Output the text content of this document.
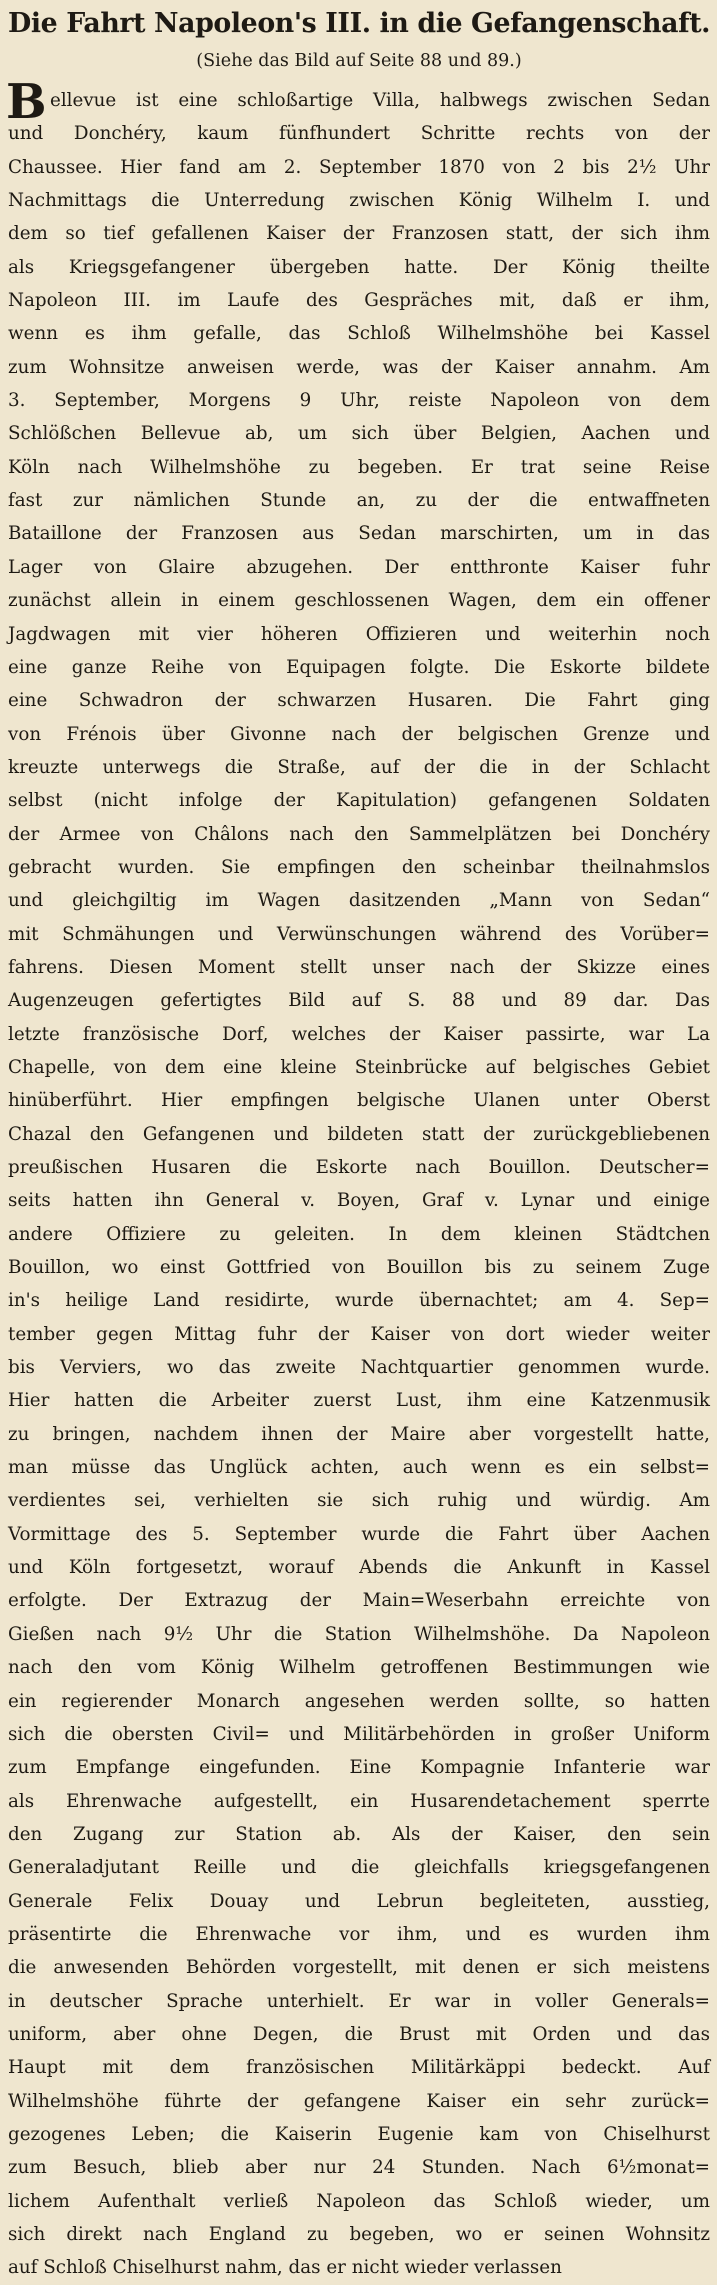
Die Fahrt Napoleon's III. in die Gefangenschaft.
(Siehe das Bild auf Seite 88 und 89.)
B ellevue ist eine schloßartige Villa, halbwegs zwischen Sedan
und Donchéry, kaum fünfhundert Schritte rechts von der
Chaussee. Hier fand am 2. September 1870 von 2 bis 2½ Uhr
Nachmittags die Unterredung zwischen König Wilhelm I. und
dem so tief gefallenen Kaiser der Franzosen statt, der sich ihm
als Kriegsgefangener übergeben hatte. Der König theilte
Napoleon III. im Laufe des Gespräches mit, daß er ihm,
wenn es ihm gefalle, das Schloß Wilhelmshöhe bei Kassel
zum Wohnsitze anweisen werde, was der Kaiser annahm. Am
3. September, Morgens 9 Uhr, reiste Napoleon von dem
Schlößchen Bellevue ab, um sich über Belgien, Aachen und
Köln nach Wilhelmshöhe zu begeben. Er trat seine Reise
fast zur nämlichen Stunde an, zu der die entwaffneten
Bataillone der Franzosen aus Sedan marschirten, um in das
Lager von Glaire abzugehen. Der entthronte Kaiser fuhr
zunächst allein in einem geschlossenen Wagen, dem ein offener
Jagdwagen mit vier höheren Offizieren und weiterhin noch
eine ganze Reihe von Equipagen folgte. Die Eskorte bildete
eine Schwadron der schwarzen Husaren. Die Fahrt ging
von Frénois über Givonne nach der belgischen Grenze und
kreuzte unterwegs die Straße, auf der die in der Schlacht
selbst (nicht infolge der Kapitulation) gefangenen Soldaten
der Armee von Châlons nach den Sammelplätzen bei Donchéry
gebracht wurden. Sie empfingen den scheinbar theilnahmslos
und gleichgiltig im Wagen dasitzenden „Mann von Sedan“
mit Schmähungen und Verwünschungen während des Vorüber=
fahrens. Diesen Moment stellt unser nach der Skizze eines
Augenzeugen gefertigtes Bild auf S. 88 und 89 dar. Das
letzte französische Dorf, welches der Kaiser passirte, war La
Chapelle, von dem eine kleine Steinbrücke auf belgisches Gebiet
hinüberführt. Hier empfingen belgische Ulanen unter Oberst
Chazal den Gefangenen und bildeten statt der zurückgebliebenen
preußischen Husaren die Eskorte nach Bouillon. Deutscher=
seits hatten ihn General v. Boyen, Graf v. Lynar und einige
andere Offiziere zu geleiten. In dem kleinen Städtchen
Bouillon, wo einst Gottfried von Bouillon bis zu seinem Zuge
in's heilige Land residirte, wurde übernachtet; am 4. Sep=
tember gegen Mittag fuhr der Kaiser von dort wieder weiter
bis Verviers, wo das zweite Nachtquartier genommen wurde.
Hier hatten die Arbeiter zuerst Lust, ihm eine Katzenmusik
zu bringen, nachdem ihnen der Maire aber vorgestellt hatte,
man müsse das Unglück achten, auch wenn es ein selbst=
verdientes sei, verhielten sie sich ruhig und würdig. Am
Vormittage des 5. September wurde die Fahrt über Aachen
und Köln fortgesetzt, worauf Abends die Ankunft in Kassel
erfolgte. Der Extrazug der Main=Weserbahn erreichte von
Gießen nach 9½ Uhr die Station Wilhelmshöhe. Da Napoleon
nach den vom König Wilhelm getroffenen Bestimmungen wie
ein regierender Monarch angesehen werden sollte, so hatten
sich die obersten Civil= und Militärbehörden in großer Uniform
zum Empfange eingefunden. Eine Kompagnie Infanterie war
als Ehrenwache aufgestellt, ein Husarendetachement sperrte
den Zugang zur Station ab. Als der Kaiser, den sein
Generaladjutant Reille und die gleichfalls kriegsgefangenen
Generale Felix Douay und Lebrun begleiteten, ausstieg,
präsentirte die Ehrenwache vor ihm, und es wurden ihm
die anwesenden Behörden vorgestellt, mit denen er sich meistens
in deutscher Sprache unterhielt. Er war in voller Generals=
uniform, aber ohne Degen, die Brust mit Orden und das
Haupt mit dem französischen Militärkäppi bedeckt. Auf
Wilhelmshöhe führte der gefangene Kaiser ein sehr zurück=
gezogenes Leben; die Kaiserin Eugenie kam von Chiselhurst
zum Besuch, blieb aber nur 24 Stunden. Nach 6½monat=
lichem Aufenthalt verließ Napoleon das Schloß wieder, um
sich direkt nach England zu begeben, wo er seinen Wohnsitz
auf Schloß Chiselhurst nahm, das er nicht wieder verlassen
